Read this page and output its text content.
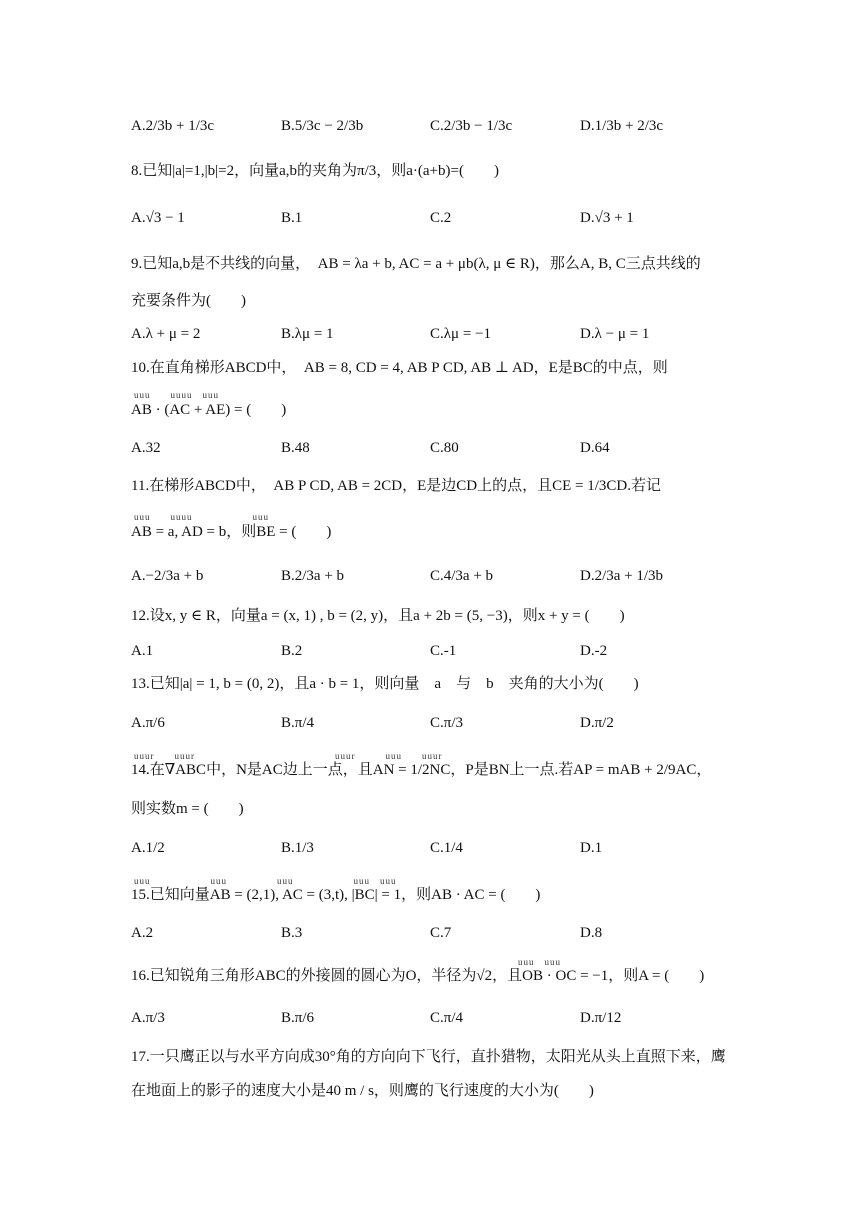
A.2/3b + 1/3c	B.5/3c − 2/3b	C.2/3b − 1/3c	D.1/3b + 2/3c
8.已知|a|=1,|b|=2，向量a,b的夹角为π/3，则a·(a+b)=(　　)
A.√3 − 1	B.1	C.2	D.√3 + 1
9.已知a,b是不共线的向量，　AB = λa + b, AC = a + μb(λ, μ ∈ R)，那么A, B, C三点共线的
充要条件为(　　)
A.λ + μ = 2	B.λμ = 1	C.λμ = −1	D.λ − μ = 1
10.在直角梯形ABCD中，　AB = 8, CD = 4, AB P CD, AB ⊥ AD，E是BC的中点，则
uuu　　uuuu　uuu
AB · (AC + AE) = (　　)
A.32	B.48	C.80	D.64
11.在梯形ABCD中，　AB P CD, AB = 2CD，E是边CD上的点，且CE = 1/3CD.若记
uuu　　uuuu　　　　　　uuu
AB = a, AD = b，则BE = (　　)
A.−2/3a + b	B.2/3a + b	C.4/3a + b	D.2/3a + 1/3b
12.设x, y ∈ R，向量a = (x, 1) , b = (2, y)，且a + 2b = (5, −3)，则x + y = (　　)
A.1	B.2	C.-1	D.-2
13.已知|a| = 1, b = (0, 2)，且a · b = 1，则向量　a　与　b　夹角的大小为(　　)
A.π/6	B.π/4	C.π/3	D.π/2
uuur　　uuur　　　　　　　　　　　　　　uuur　　　uuu　　uuur
14.在∇ABC中，N是AC边上一点，且AN = 1/2NC，P是BN上一点.若AP = mAB + 2/9AC，
则实数m = (　　)
A.1/2	B.1/3	C.1/4	D.1
uuu　　　　　　uuu　　　　　uuu　　　　　　uuu　uuu
15.已知向量AB = (2,1), AC = (3,t), |BC| = 1，则AB · AC = (　　)
A.2	B.3	C.7	D.8
uuu　uuu
16.已知锐角三角形ABC的外接圆的圆心为O，半径为√2，且OB · OC = −1，则A = (　　)
A.π/3	B.π/6	C.π/4	D.π/12
17.一只鹰正以与水平方向成30°角的方向向下飞行，直扑猎物，太阳光从头上直照下来，鹰
在地面上的影子的速度大小是40 m / s，则鹰的飞行速度的大小为(　　)
